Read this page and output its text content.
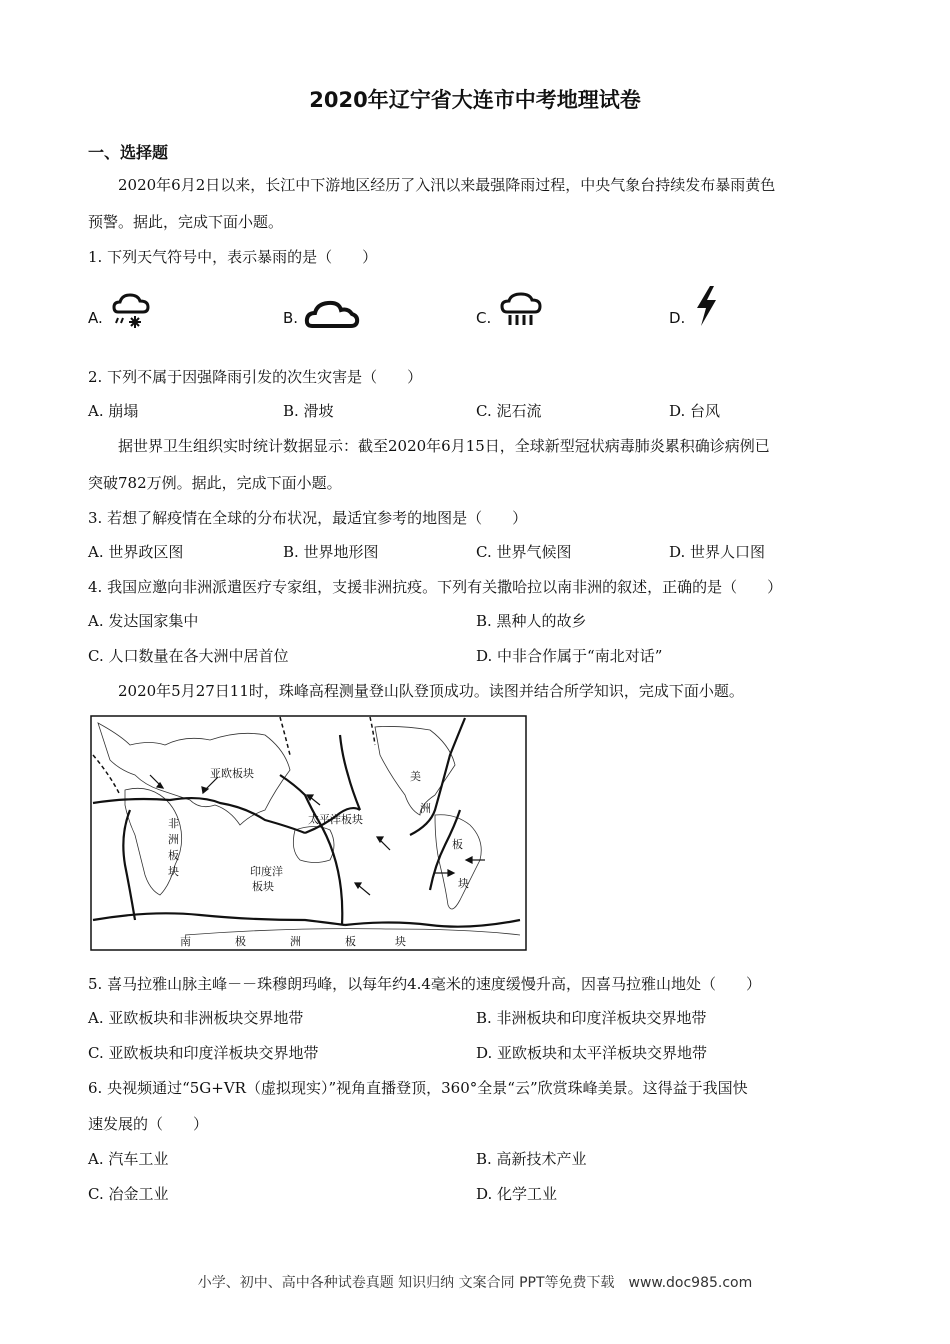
2020年辽宁省大连市中考地理试卷
一、选择题
2020年6月2日以来，长江中下游地区经历了入汛以来最强降雨过程，中央气象台持续发布暴雨黄色
预警。据此，完成下面小题。
1. 下列天气符号中，表示暴雨的是（　　）
A.	B.	C.	D.
2. 下列不属于因强降雨引发的次生灾害是（　　）
A. 崩塌	B. 滑坡	C. 泥石流	D. 台风
据世界卫生组织实时统计数据显示：截至2020年6月15日，全球新型冠状病毒肺炎累积确诊病例已
突破782万例。据此，完成下面小题。
3. 若想了解疫情在全球的分布状况，最适宜参考的地图是（　　）
A. 世界政区图	B. 世界地形图	C. 世界气候图	D. 世界人口图
4. 我国应邀向非洲派遣医疗专家组，支援非洲抗疫。下列有关撒哈拉以南非洲的叙述，正确的是（　　）
A. 发达国家集中	B. 黑种人的故乡
C. 人口数量在各大洲中居首位	D. 中非合作属于“南北对话”
2020年5月27日11时，珠峰高程测量登山队登顶成功。读图并结合所学知识，完成下面小题。
亚欧板块
太平洋板块
印度洋
板块
非
洲
板
块
美
洲
板
块
南	极	洲	板	块
5. 喜马拉雅山脉主峰－－珠穆朗玛峰，以每年约4.4毫米的速度缓慢升高，因喜马拉雅山地处（　　）
A. 亚欧板块和非洲板块交界地带	B. 非洲板块和印度洋板块交界地带
C. 亚欧板块和印度洋板块交界地带	D. 亚欧板块和太平洋板块交界地带
6. 央视频通过“5G+VR（虚拟现实）”视角直播登顶，360°全景“云”欣赏珠峰美景。这得益于我国快
速发展的（　　）
A. 汽车工业	B. 高新技术产业
C. 冶金工业	D. 化学工业
小学、初中、高中各种试卷真题 知识归纳 文案合同 PPT等免费下载　www.doc985.com
